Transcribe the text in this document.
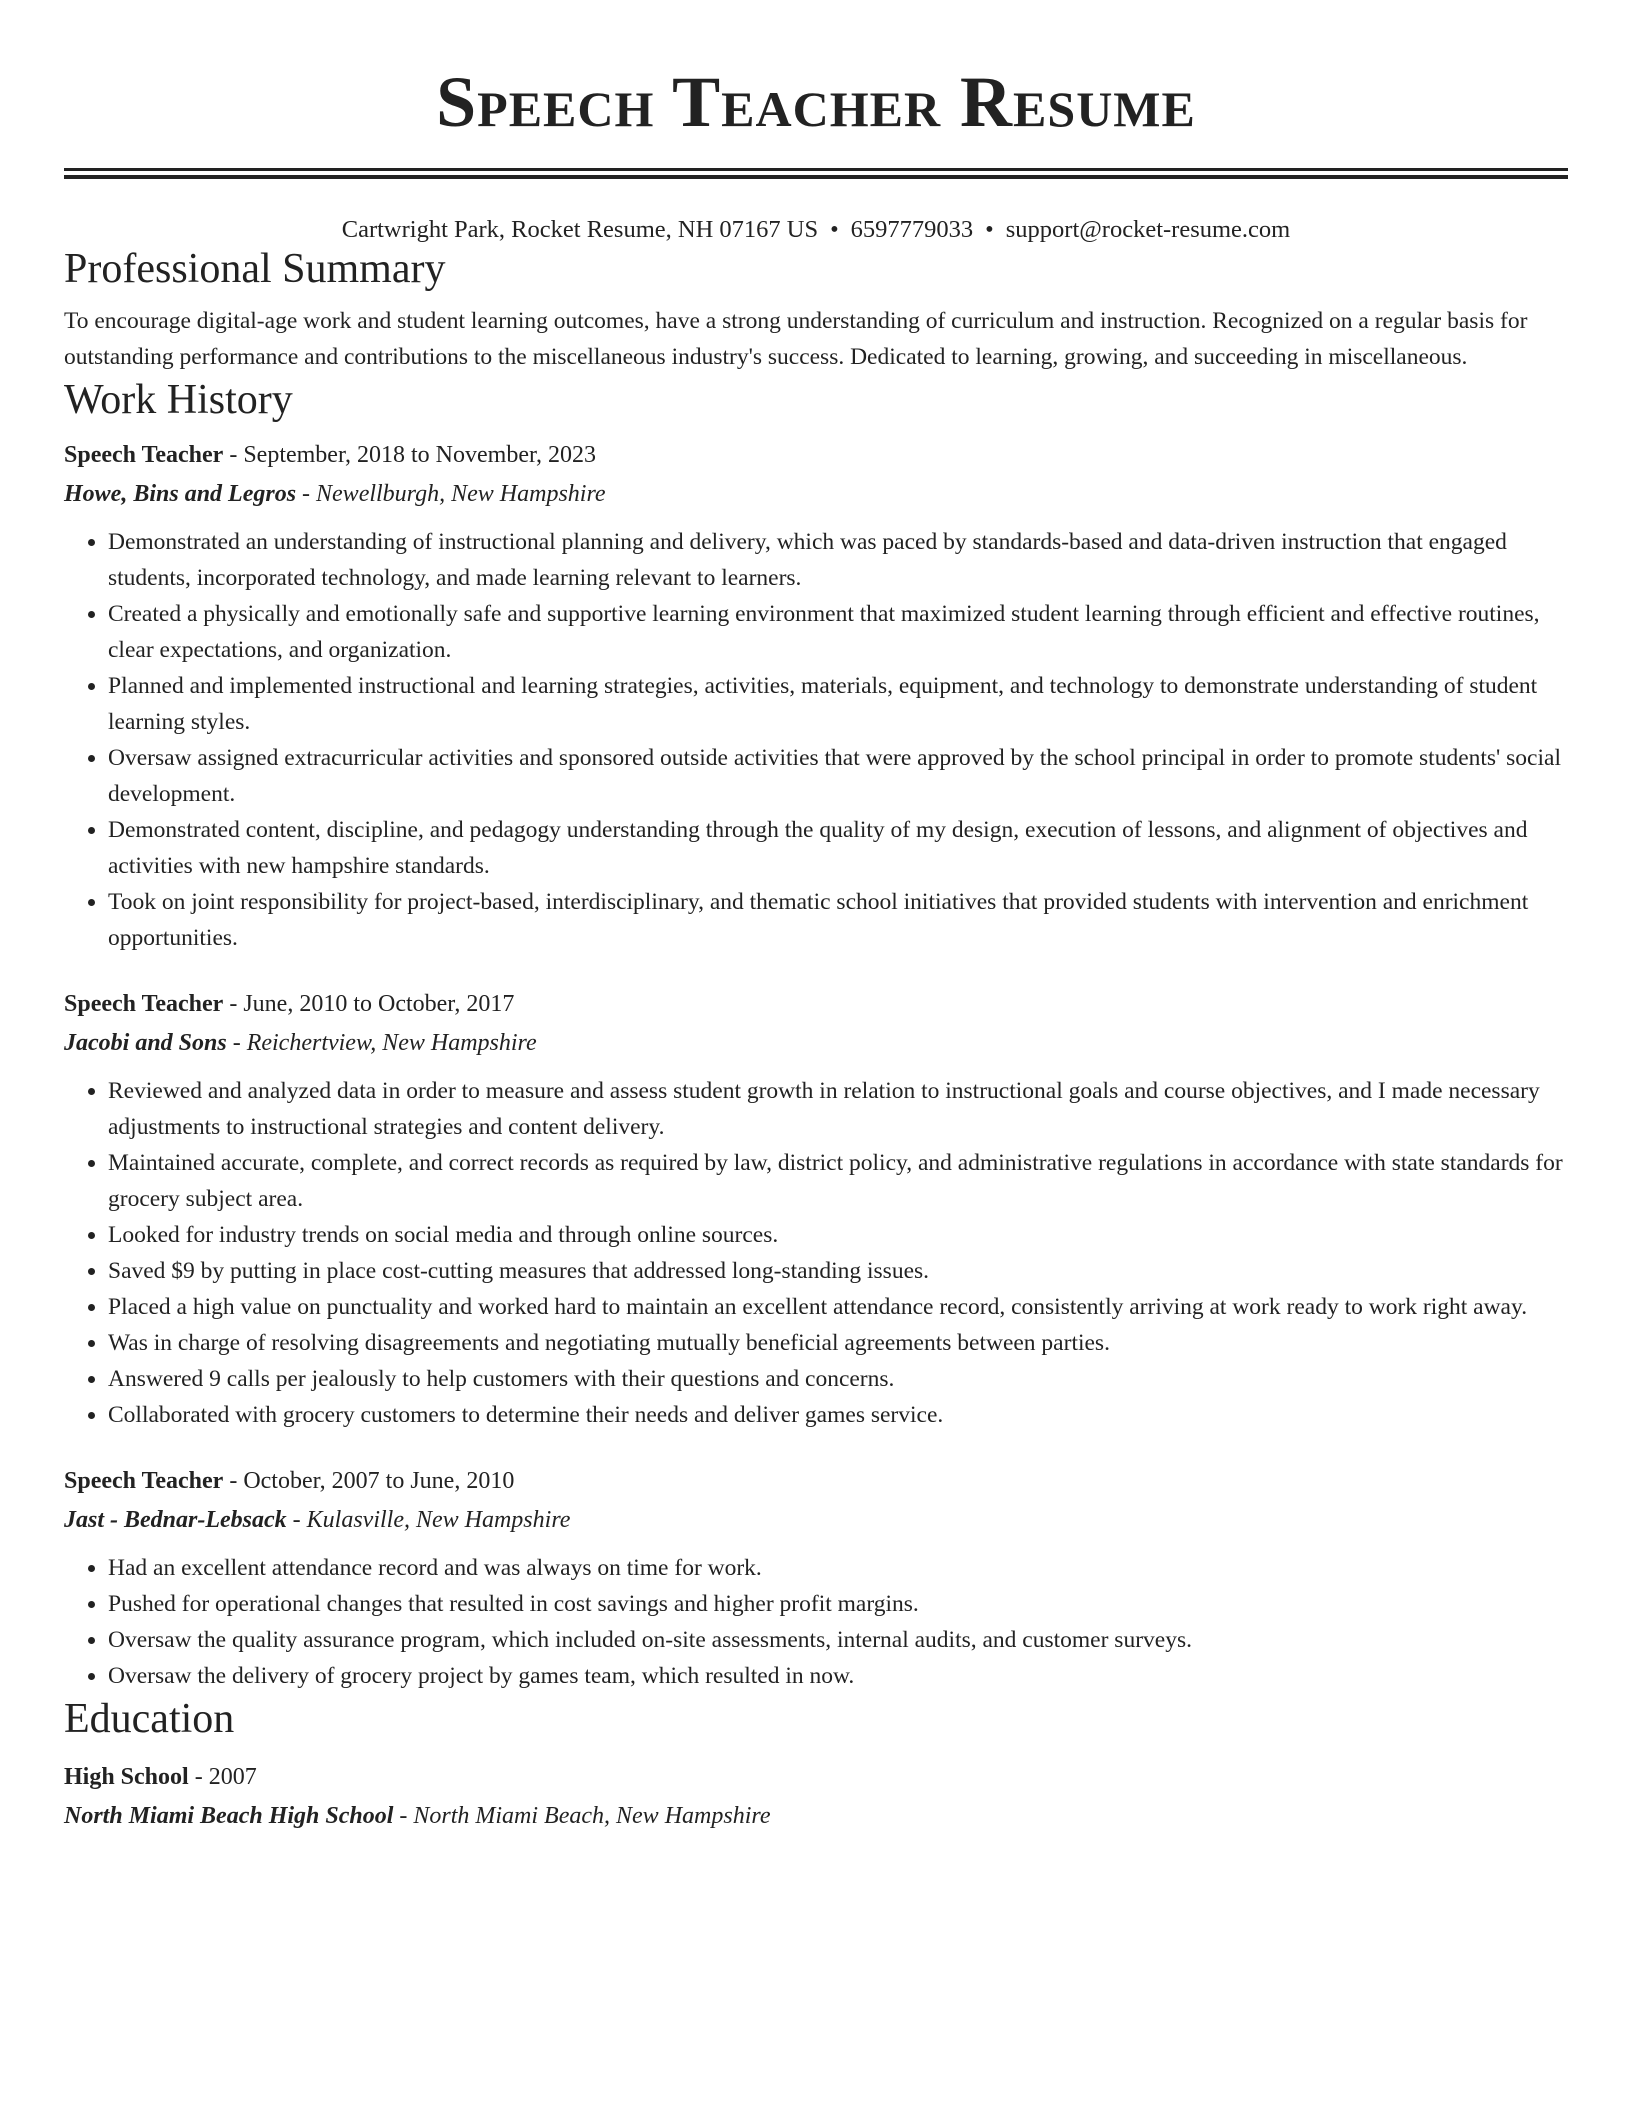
Speech Teacher Resume
Cartwright Park, Rocket Resume, NH 07167 US • 6597779033 • support@rocket-resume.com
Professional Summary

To encourage digital-age work and student learning outcomes, have a strong understanding of curriculum and instruction. Recognized on a regular basis for outstanding performance and contributions to the miscellaneous industry's success. Dedicated to learning, growing, and succeeding in miscellaneous.

Work History

Speech Teacher - September, 2018 to November, 2023

Howe, Bins and Legros - Newellburgh, New Hampshire

• Demonstrated an understanding of instructional planning and delivery, which was paced by standards-based and data-driven instruction that engaged students, incorporated technology, and made learning relevant to learners.
• Created a physically and emotionally safe and supportive learning environment that maximized student learning through efficient and effective routines, clear expectations, and organization.
• Planned and implemented instructional and learning strategies, activities, materials, equipment, and technology to demonstrate understanding of student learning styles.
• Oversaw assigned extracurricular activities and sponsored outside activities that were approved by the school principal in order to promote students' social development.
• Demonstrated content, discipline, and pedagogy understanding through the quality of my design, execution of lessons, and alignment of objectives and activities with new hampshire standards.
• Took on joint responsibility for project-based, interdisciplinary, and thematic school initiatives that provided students with intervention and enrichment opportunities.

Speech Teacher - June, 2010 to October, 2017

Jacobi and Sons - Reichertview, New Hampshire

• Reviewed and analyzed data in order to measure and assess student growth in relation to instructional goals and course objectives, and I made necessary adjustments to instructional strategies and content delivery.
• Maintained accurate, complete, and correct records as required by law, district policy, and administrative regulations in accordance with state standards for grocery subject area.
• Looked for industry trends on social media and through online sources.
• Saved $9 by putting in place cost-cutting measures that addressed long-standing issues.
• Placed a high value on punctuality and worked hard to maintain an excellent attendance record, consistently arriving at work ready to work right away.
• Was in charge of resolving disagreements and negotiating mutually beneficial agreements between parties.
• Answered 9 calls per jealously to help customers with their questions and concerns.
• Collaborated with grocery customers to determine their needs and deliver games service.

Speech Teacher - October, 2007 to June, 2010

Jast - Bednar-Lebsack - Kulasville, New Hampshire

• Had an excellent attendance record and was always on time for work.
• Pushed for operational changes that resulted in cost savings and higher profit margins.
• Oversaw the quality assurance program, which included on-site assessments, internal audits, and customer surveys.
• Oversaw the delivery of grocery project by games team, which resulted in now.
Education

High School - 2007

North Miami Beach High School - North Miami Beach, New Hampshire
